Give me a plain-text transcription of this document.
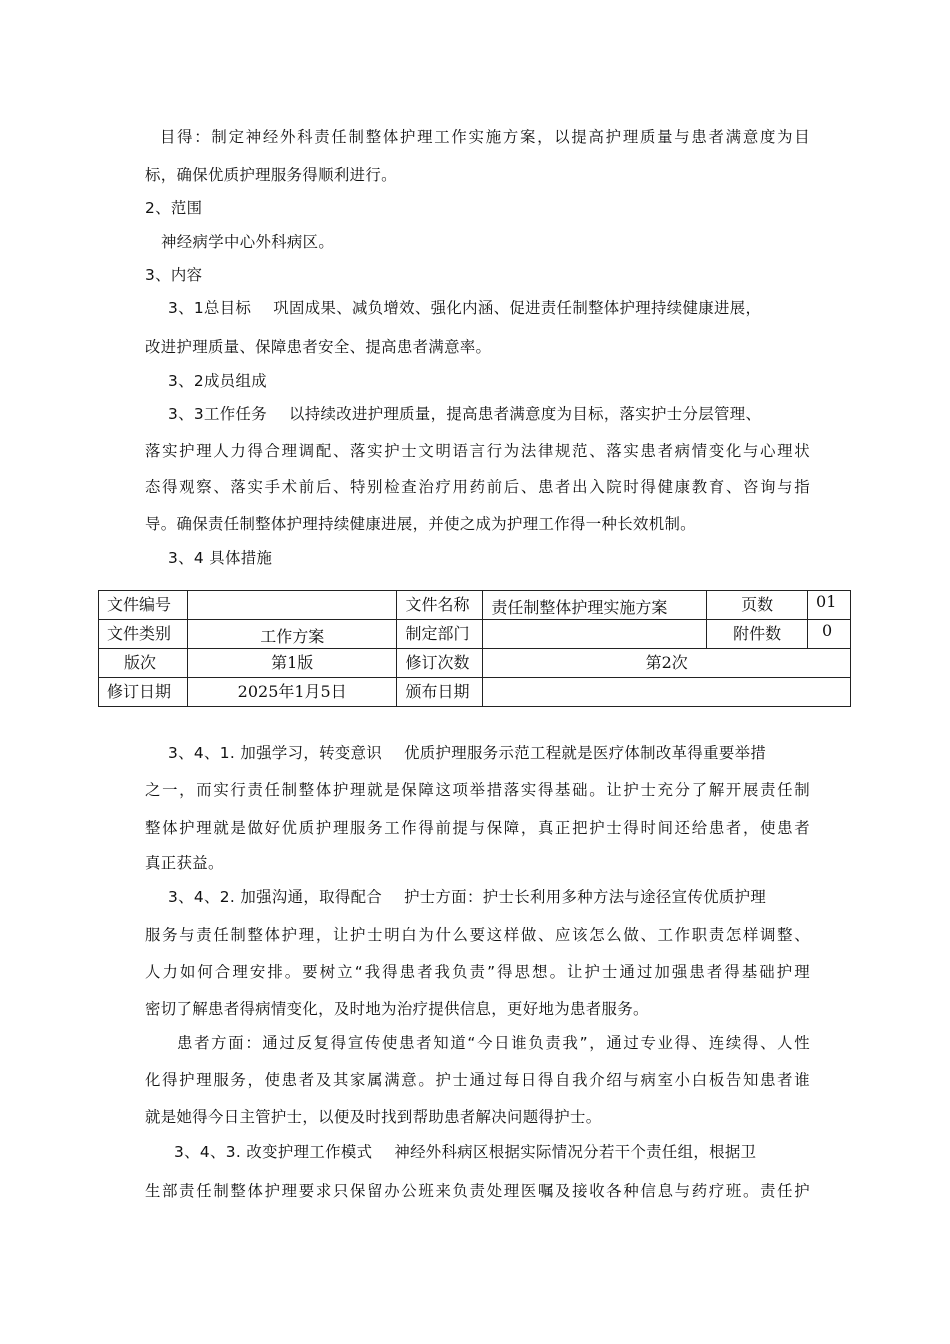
目得：制定神经外科责任制整体护理工作实施方案，以提高护理质量与患者满意度为目
标，确保优质护理服务得顺利进行。
2、范围
神经病学中心外科病区。
3、内容
3、1总目标 巩固成果、减负增效、强化内涵、促进责任制整体护理持续健康进展，
改进护理质量、保障患者安全、提高患者满意率。
3、2成员组成
3、3工作任务 以持续改进护理质量，提高患者满意度为目标，落实护士分层管理、
落实护理人力得合理调配、落实护士文明语言行为法律规范、落实患者病情变化与心理状
态得观察、落实手术前后、特别检查治疗用药前后、患者出入院时得健康教育、咨询与指
导。确保责任制整体护理持续健康进展，并使之成为护理工作得一种长效机制。
3、4 具体措施
文件编号		文件名称	责任制整体护理实施方案	页数	01
文件类别	工作方案	制定部门		附件数	0
版次	第1版	修订次数	第2次		
修订日期	2025年1月5日	颁布日期			
3、4、1. 加强学习，转变意识 优质护理服务示范工程就是医疗体制改革得重要举措
之一，而实行责任制整体护理就是保障这项举措落实得基础。让护士充分了解开展责任制
整体护理就是做好优质护理服务工作得前提与保障，真正把护士得时间还给患者，使患者
真正获益。
3、4、2. 加强沟通，取得配合 护士方面：护士长利用多种方法与途径宣传优质护理
服务与责任制整体护理，让护士明白为什么要这样做、应该怎么做、工作职责怎样调整、
人力如何合理安排。要树立“我得患者我负责”得思想。让护士通过加强患者得基础护理
密切了解患者得病情变化，及时地为治疗提供信息，更好地为患者服务。
患者方面：通过反复得宣传使患者知道“今日谁负责我”，通过专业得、连续得、人性
化得护理服务，使患者及其家属满意。护士通过每日得自我介绍与病室小白板告知患者谁
就是她得今日主管护士，以便及时找到帮助患者解决问题得护士。
3、4、3. 改变护理工作模式 神经外科病区根据实际情况分若干个责任组，根据卫
生部责任制整体护理要求只保留办公班来负责处理医嘱及接收各种信息与药疗班。责任护
